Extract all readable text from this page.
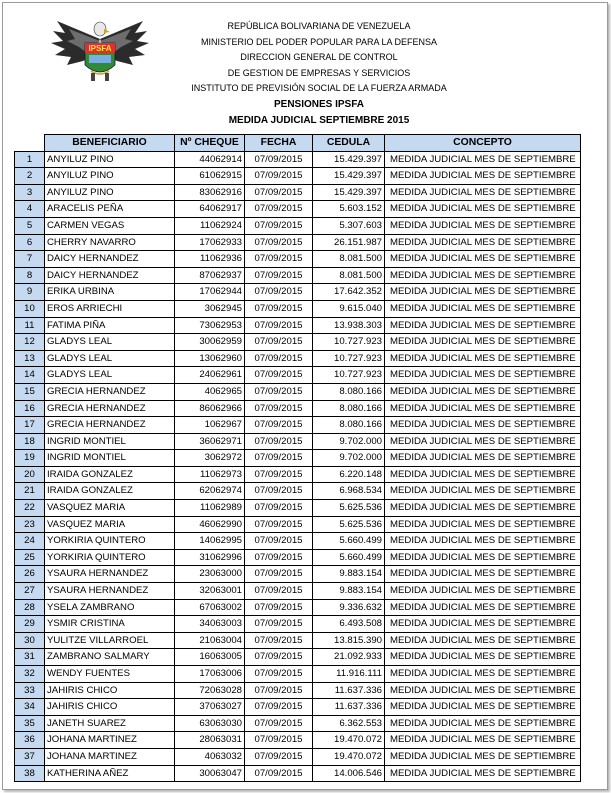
IPSFA
REPÚBLICA BOLIVARIANA DE VENEZUELA
MINISTERIO DEL PODER POPULAR PARA LA DEFENSA
DIRECCION GENERAL DE CONTROL
DE GESTION DE EMPRESAS Y SERVICIOS
INSTITUTO DE PREVISIÓN SOCIAL DE LA FUERZA ARMADA
PENSIONES IPSFA
MEDIDA JUDICIAL SEPTIEMBRE 2015
	BENEFICIARIO	Nº CHEQUE	FECHA	CEDULA	CONCEPTO
1	ANYILUZ PINO	44062914	07/09/2015	15.429.397	MEDIDA JUDICIAL MES DE SEPTIEMBRE
2	ANYILUZ PINO	61062915	07/09/2015	15.429.397	MEDIDA JUDICIAL MES DE SEPTIEMBRE
3	ANYILUZ PINO	83062916	07/09/2015	15.429.397	MEDIDA JUDICIAL MES DE SEPTIEMBRE
4	ARACELIS PEÑA	64062917	07/09/2015	5.603.152	MEDIDA JUDICIAL MES DE SEPTIEMBRE
5	CARMEN VEGAS	11062924	07/09/2015	5.307.603	MEDIDA JUDICIAL MES DE SEPTIEMBRE
6	CHERRY NAVARRO	17062933	07/09/2015	26.151.987	MEDIDA JUDICIAL MES DE SEPTIEMBRE
7	DAICY HERNANDEZ	11062936	07/09/2015	8.081.500	MEDIDA JUDICIAL MES DE SEPTIEMBRE
8	DAICY HERNANDEZ	87062937	07/09/2015	8.081.500	MEDIDA JUDICIAL MES DE SEPTIEMBRE
9	ERIKA URBINA	17062944	07/09/2015	17.642.352	MEDIDA JUDICIAL MES DE SEPTIEMBRE
10	EROS ARRIECHI	3062945	07/09/2015	9.615.040	MEDIDA JUDICIAL MES DE SEPTIEMBRE
11	FATIMA PIÑA	73062953	07/09/2015	13.938.303	MEDIDA JUDICIAL MES DE SEPTIEMBRE
12	GLADYS LEAL	30062959	07/09/2015	10.727.923	MEDIDA JUDICIAL MES DE SEPTIEMBRE
13	GLADYS LEAL	13062960	07/09/2015	10.727.923	MEDIDA JUDICIAL MES DE SEPTIEMBRE
14	GLADYS LEAL	24062961	07/09/2015	10.727.923	MEDIDA JUDICIAL MES DE SEPTIEMBRE
15	GRECIA HERNANDEZ	4062965	07/09/2015	8.080.166	MEDIDA JUDICIAL MES DE SEPTIEMBRE
16	GRECIA HERNANDEZ	86062966	07/09/2015	8.080.166	MEDIDA JUDICIAL MES DE SEPTIEMBRE
17	GRECIA HERNANDEZ	1062967	07/09/2015	8.080.166	MEDIDA JUDICIAL MES DE SEPTIEMBRE
18	INGRID MONTIEL	36062971	07/09/2015	9.702.000	MEDIDA JUDICIAL MES DE SEPTIEMBRE
19	INGRID MONTIEL	3062972	07/09/2015	9.702.000	MEDIDA JUDICIAL MES DE SEPTIEMBRE
20	IRAIDA GONZALEZ	11062973	07/09/2015	6.220.148	MEDIDA JUDICIAL MES DE SEPTIEMBRE
21	IRAIDA GONZALEZ	62062974	07/09/2015	6.968.534	MEDIDA JUDICIAL MES DE SEPTIEMBRE
22	VASQUEZ MARIA	11062989	07/09/2015	5.625.536	MEDIDA JUDICIAL MES DE SEPTIEMBRE
23	VASQUEZ MARIA	46062990	07/09/2015	5.625.536	MEDIDA JUDICIAL MES DE SEPTIEMBRE
24	YORKIRIA QUINTERO	14062995	07/09/2015	5.660.499	MEDIDA JUDICIAL MES DE SEPTIEMBRE
25	YORKIRIA QUINTERO	31062996	07/09/2015	5.660.499	MEDIDA JUDICIAL MES DE SEPTIEMBRE
26	YSAURA HERNANDEZ	23063000	07/09/2015	9.883.154	MEDIDA JUDICIAL MES DE SEPTIEMBRE
27	YSAURA HERNANDEZ	32063001	07/09/2015	9.883.154	MEDIDA JUDICIAL MES DE SEPTIEMBRE
28	YSELA ZAMBRANO	67063002	07/09/2015	9.336.632	MEDIDA JUDICIAL MES DE SEPTIEMBRE
29	YSMIR CRISTINA	34063003	07/09/2015	6.493.508	MEDIDA JUDICIAL MES DE SEPTIEMBRE
30	YULITZE VILLARROEL	21063004	07/09/2015	13.815.390	MEDIDA JUDICIAL MES DE SEPTIEMBRE
31	ZAMBRANO SALMARY	16063005	07/09/2015	21.092.933	MEDIDA JUDICIAL MES DE SEPTIEMBRE
32	WENDY FUENTES	17063006	07/09/2015	11.916.111	MEDIDA JUDICIAL MES DE SEPTIEMBRE
33	JAHIRIS CHICO	72063028	07/09/2015	11.637.336	MEDIDA JUDICIAL MES DE SEPTIEMBRE
34	JAHIRIS CHICO	37063027	07/09/2015	11.637.336	MEDIDA JUDICIAL MES DE SEPTIEMBRE
35	JANETH SUAREZ	63063030	07/09/2015	6.362.553	MEDIDA JUDICIAL MES DE SEPTIEMBRE
36	JOHANA MARTINEZ	28063031	07/09/2015	19.470.072	MEDIDA JUDICIAL MES DE SEPTIEMBRE
37	JOHANA MARTINEZ	4063032	07/09/2015	19.470.072	MEDIDA JUDICIAL MES DE SEPTIEMBRE
38	KATHERINA AÑEZ	30063047	07/09/2015	14.006.546	MEDIDA JUDICIAL MES DE SEPTIEMBRE
